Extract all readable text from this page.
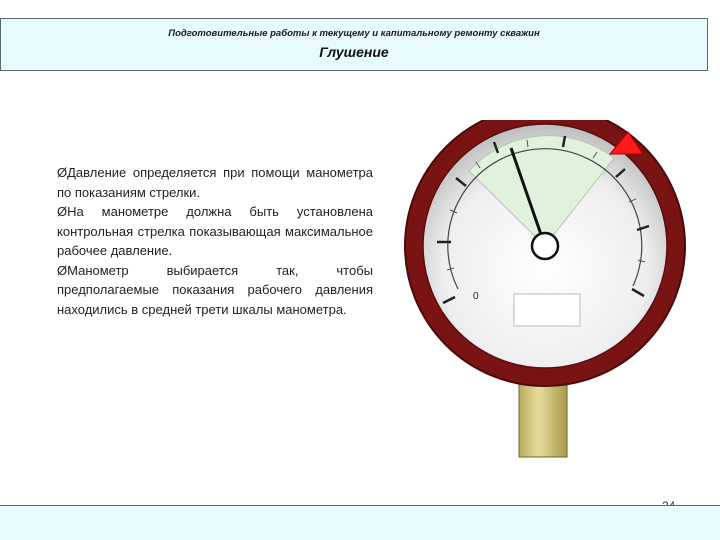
Подготовительные работы к текущему и капитальному ремонту скважин
Глушение

ØДавление определяется при помощи манометра по показаниям стрелки.

ØНа манометре должна быть установлена контрольная стрелка показывающая максимальное рабочее давление.

ØМанометр выбирается так, чтобы предполагаемые показания рабочего давления находились в средней трети шкалы манометра.

0
